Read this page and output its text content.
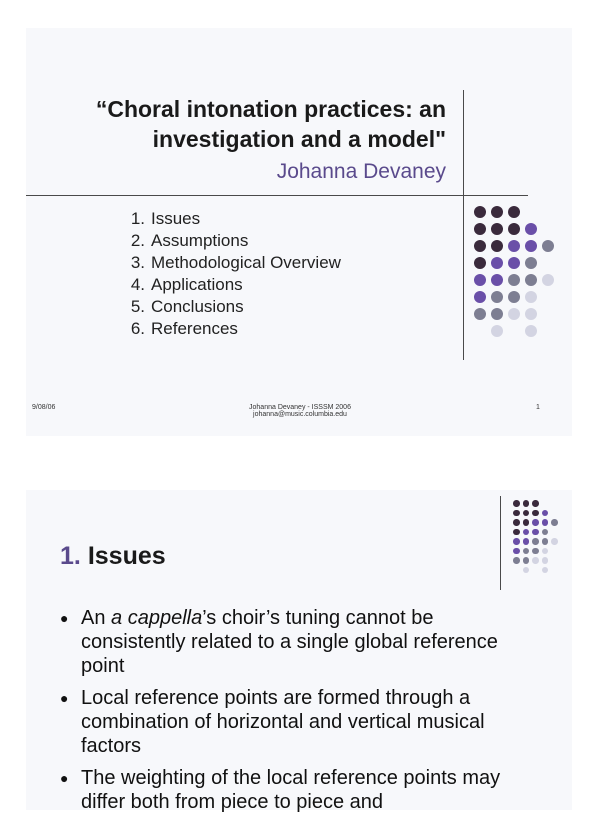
“Choral intonation practices: an
investigation and a model"
Johanna Devaney
1. Issues
2. Assumptions
3. Methodological Overview
4. Applications
5. Conclusions
6. References
9/08/06	Johanna Devaney - ISSSM 2006
johanna@music.columbia.edu
1
1. Issues
● An a cappella’s choir’s tuning cannot be consistently related to a single global reference point
● Local reference points are formed through a combination of horizontal and vertical musical factors
● The weighting of the local reference points may differ both from piece to piece and
